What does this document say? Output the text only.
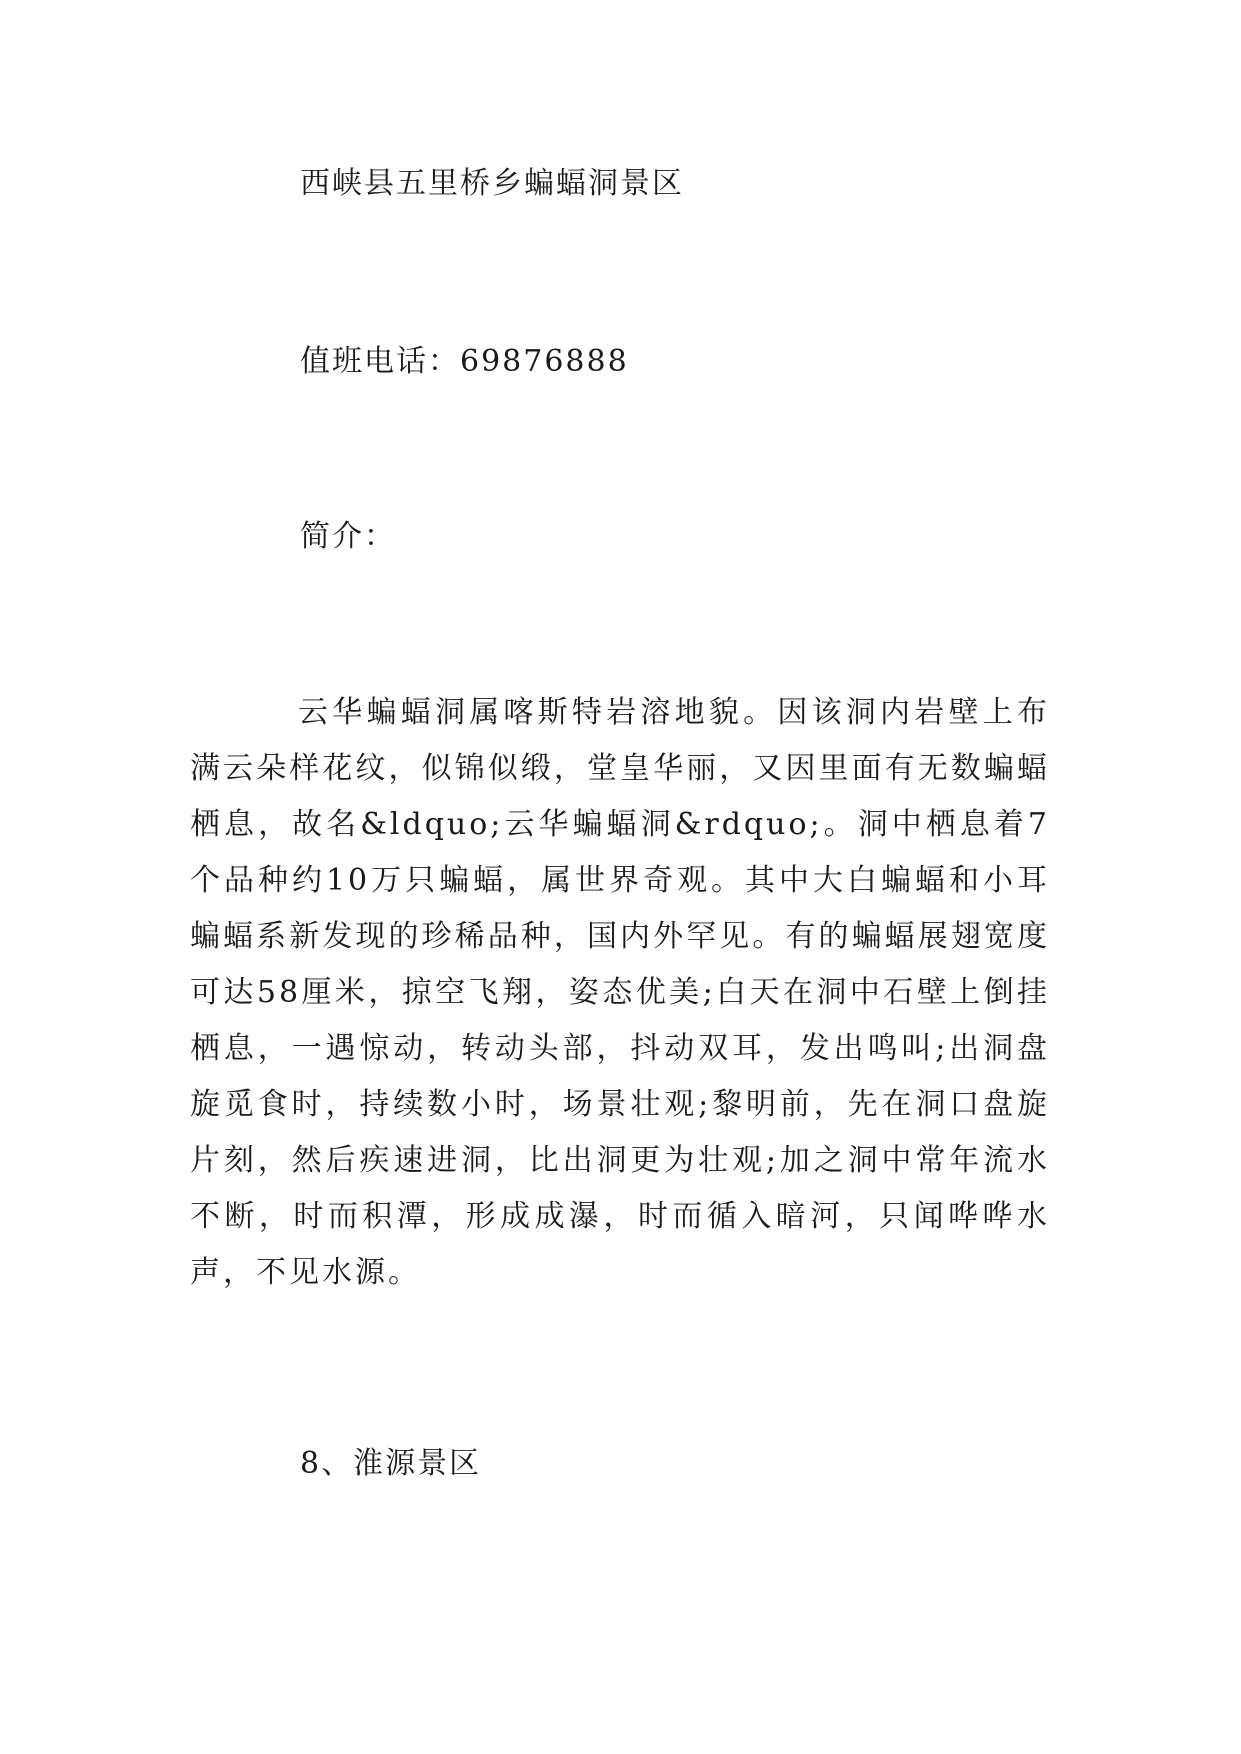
西峡县五里桥乡蝙蝠洞景区
值班电话：69876888
简介：

云华蝙蝠洞属喀斯特岩溶地貌。因该洞内岩壁上布满云朵样花纹，似锦似缎，堂皇华丽，又因里面有无数蝙蝠栖息，故名&ldquo;云华蝙蝠洞&rdquo;。洞中栖息着7个品种约10万只蝙蝠，属世界奇观。其中大白蝙蝠和小耳蝙蝠系新发现的珍稀品种，国内外罕见。有的蝙蝠展翅宽度可达58厘米，掠空飞翔，姿态优美;白天在洞中石壁上倒挂栖息，一遇惊动，转动头部，抖动双耳，发出鸣叫;出洞盘旋觅食时，持续数小时，场景壮观;黎明前，先在洞口盘旋片刻，然后疾速进洞，比出洞更为壮观;加之洞中常年流水不断，时而积潭，形成成瀑，时而循入暗河，只闻哗哗水声，不见水源。

8、淮源景区
